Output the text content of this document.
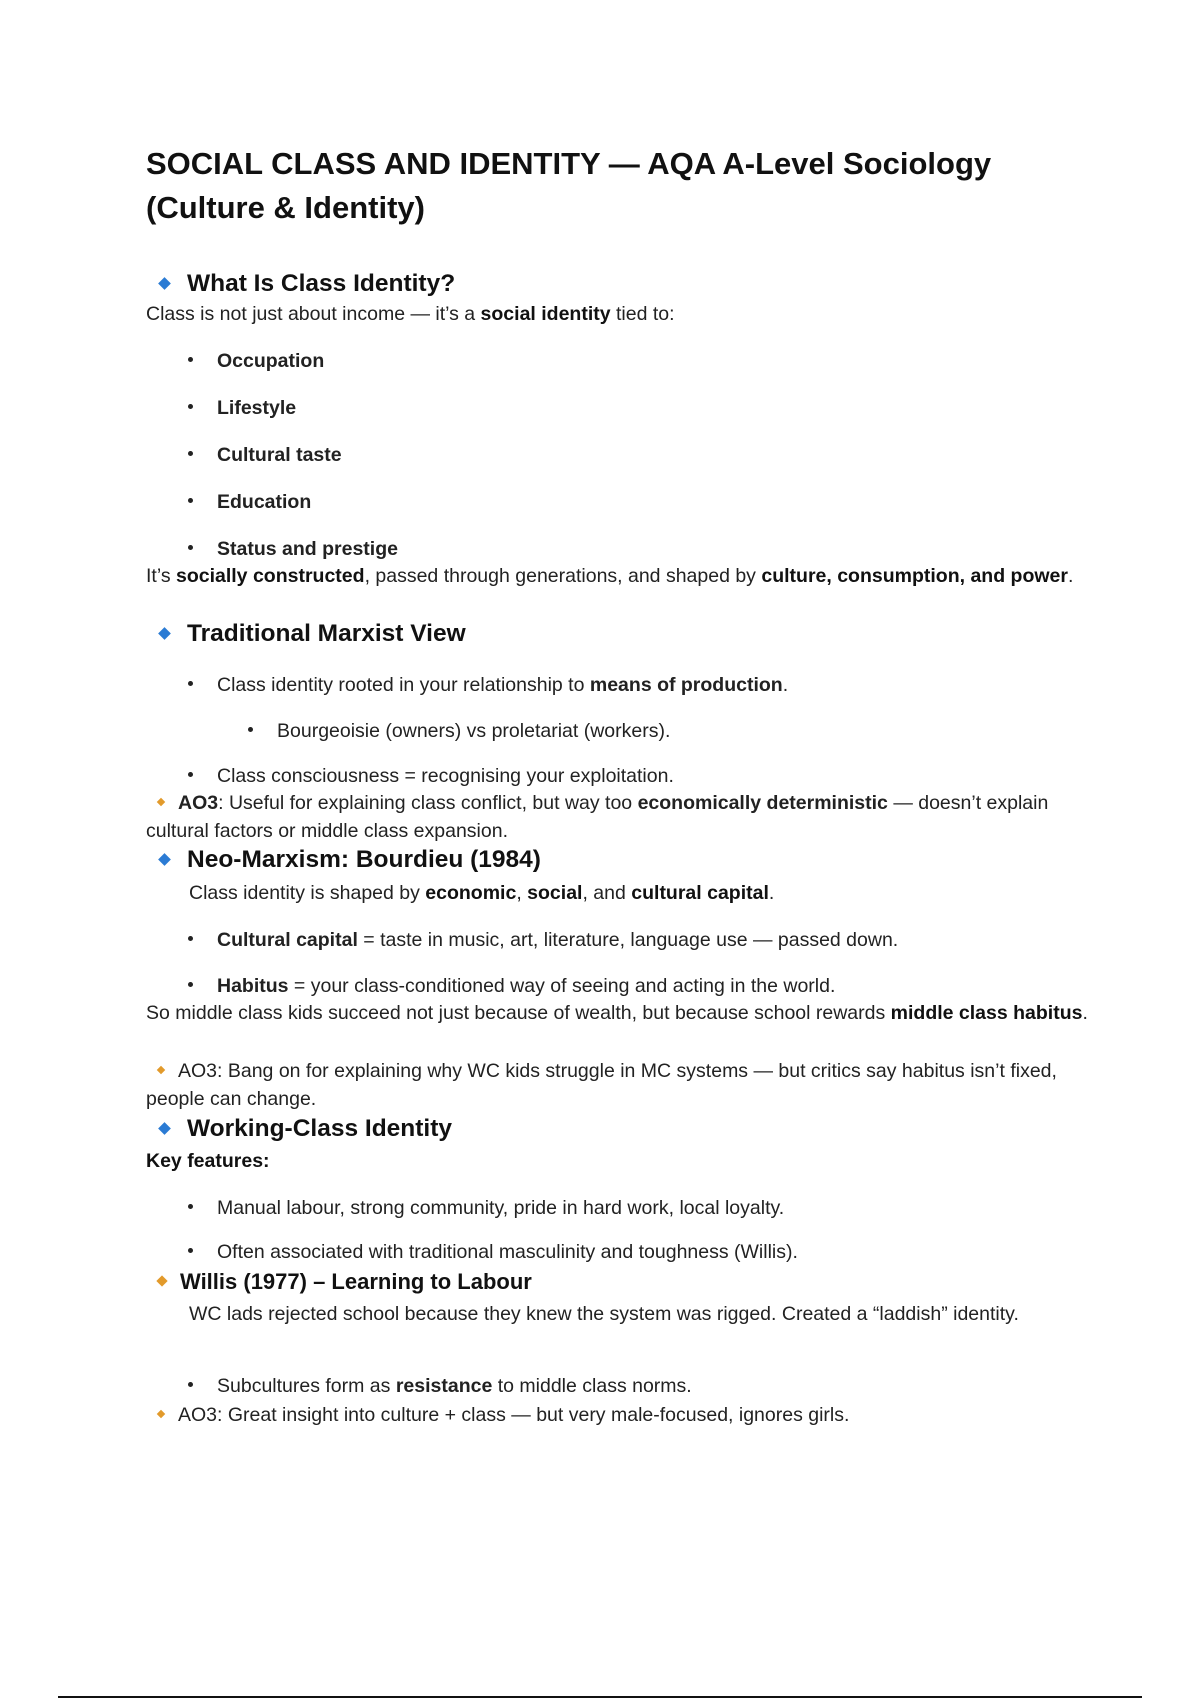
SOCIAL CLASS AND IDENTITY — AQA A-Level Sociology (Culture & Identity)
What Is Class Identity?
Class is not just about income — it’s a social identity tied to:
Occupation
Lifestyle
Cultural taste
Education
Status and prestige
It’s socially constructed, passed through generations, and shaped by culture, consumption, and power.
Traditional Marxist View
Class identity rooted in your relationship to means of production.
Bourgeoisie (owners) vs proletariat (workers).
Class consciousness = recognising your exploitation.
AO3: Useful for explaining class conflict, but way too economically deterministic — doesn’t explain cultural factors or middle class expansion.
Neo-Marxism: Bourdieu (1984)
Class identity is shaped by economic, social, and cultural capital.
Cultural capital = taste in music, art, literature, language use — passed down.
Habitus = your class-conditioned way of seeing and acting in the world.
So middle class kids succeed not just because of wealth, but because school rewards middle class habitus.
AO3: Bang on for explaining why WC kids struggle in MC systems — but critics say habitus isn’t fixed, people can change.
Working-Class Identity
Key features:
Manual labour, strong community, pride in hard work, local loyalty.
Often associated with traditional masculinity and toughness (Willis).
Willis (1977) – Learning to Labour
WC lads rejected school because they knew the system was rigged. Created a “laddish” identity.
Subcultures form as resistance to middle class norms.
AO3: Great insight into culture + class — but very male-focused, ignores girls.
